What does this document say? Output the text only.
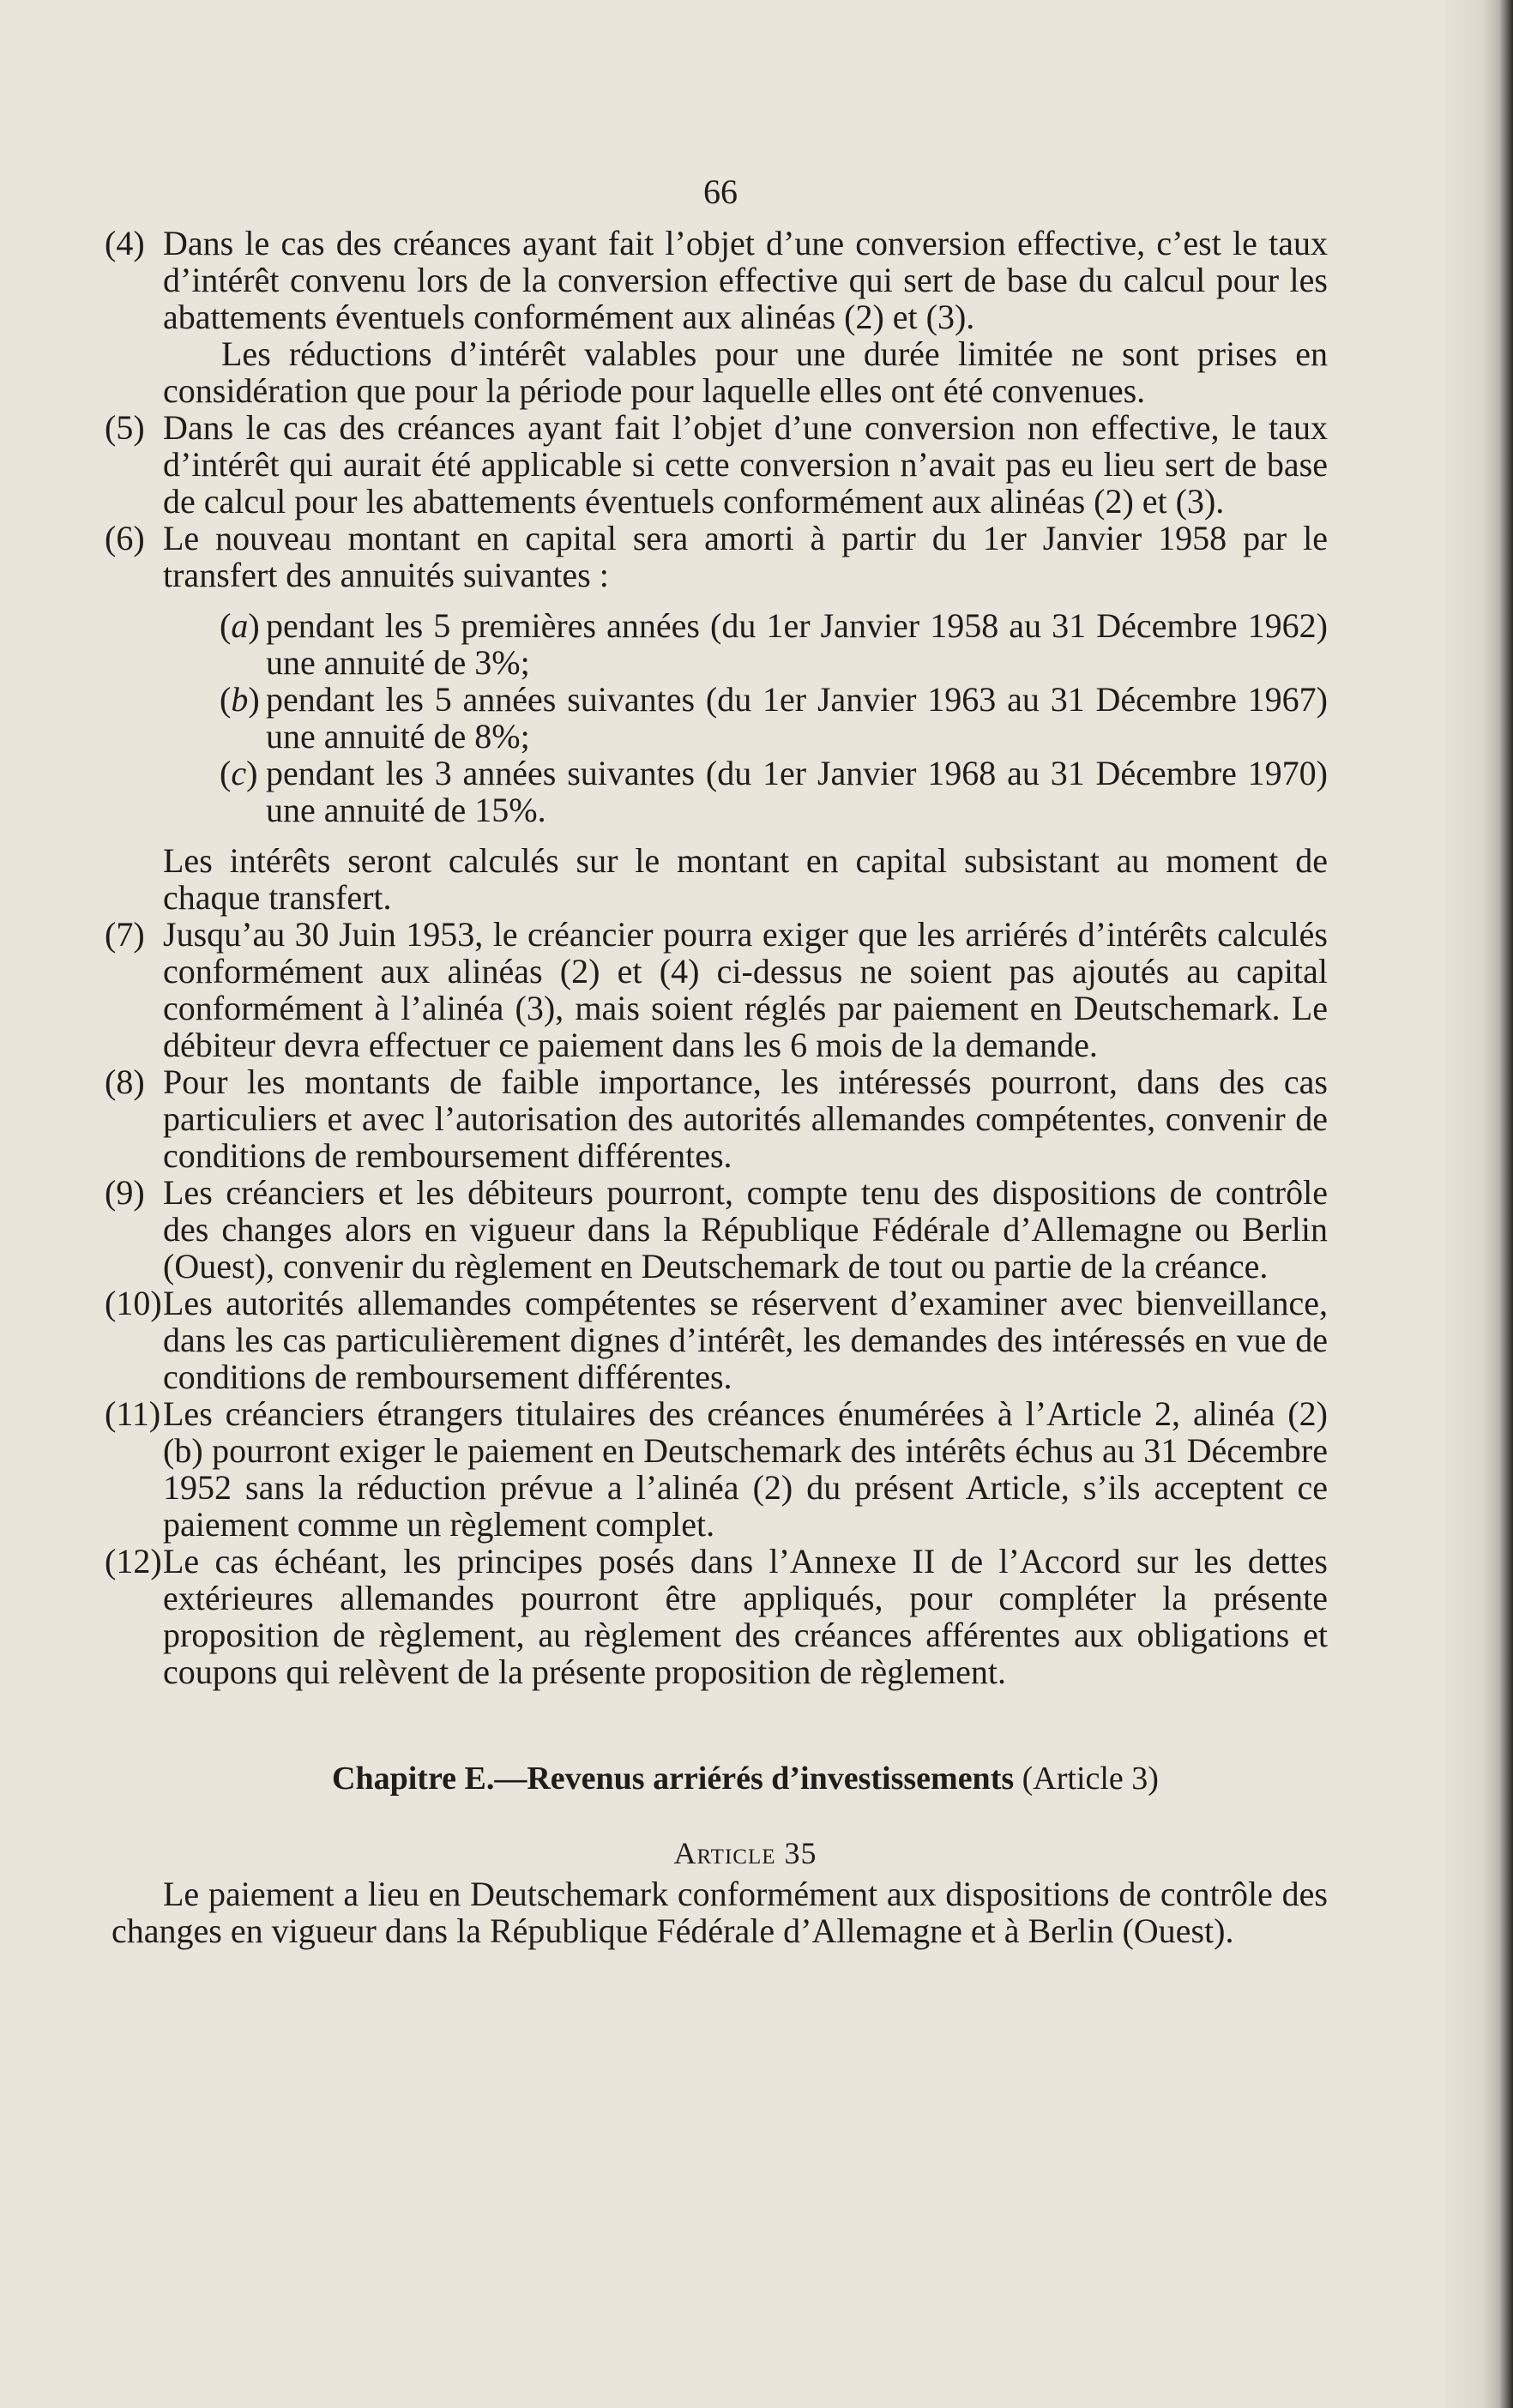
66
(4) Dans le cas des créances ayant fait l’objet d’une conversion effective, c’est le taux d’intérêt convenu lors de la conversion effective qui sert de base du calcul pour les abattements éventuels conformément aux alinéas (2) et (3).
Les réductions d’intérêt valables pour une durée limitée ne sont prises en considération que pour la période pour laquelle elles ont été convenues.
(5) Dans le cas des créances ayant fait l’objet d’une conversion non effective, le taux d’intérêt qui aurait été applicable si cette conversion n’avait pas eu lieu sert de base de calcul pour les abattements éventuels conformément aux alinéas (2) et (3).
(6) Le nouveau montant en capital sera amorti à partir du 1er Janvier 1958 par le transfert des annuités suivantes :
(a) pendant les 5 premières années (du 1er Janvier 1958 au 31 Décembre 1962) une annuité de 3%;
(b) pendant les 5 années suivantes (du 1er Janvier 1963 au 31 Décembre 1967) une annuité de 8%;
(c) pendant les 3 années suivantes (du 1er Janvier 1968 au 31 Décembre 1970) une annuité de 15%.
Les intérêts seront calculés sur le montant en capital subsistant au moment de chaque transfert.
(7) Jusqu’au 30 Juin 1953, le créancier pourra exiger que les arriérés d’intérêts calculés conformément aux alinéas (2) et (4) ci-dessus ne soient pas ajoutés au capital conformément à l’alinéa (3), mais soient réglés par paiement en Deutschemark. Le débiteur devra effectuer ce paiement dans les 6 mois de la demande.
(8) Pour les montants de faible importance, les intéressés pourront, dans des cas particuliers et avec l’autorisation des autorités allemandes compétentes, convenir de conditions de remboursement différentes.
(9) Les créanciers et les débiteurs pourront, compte tenu des dispositions de contrôle des changes alors en vigueur dans la République Fédérale d’Allemagne ou Berlin (Ouest), convenir du règlement en Deutschemark de tout ou partie de la créance.
(10) Les autorités allemandes compétentes se réservent d’examiner avec bienveillance, dans les cas particulièrement dignes d’intérêt, les demandes des intéressés en vue de conditions de remboursement différentes.
(11) Les créanciers étrangers titulaires des créances énumérées à l’Article 2, alinéa (2) (b) pourront exiger le paiement en Deutschemark des intérêts échus au 31 Décembre 1952 sans la réduction prévue a l’alinéa (2) du présent Article, s’ils acceptent ce paiement comme un règlement complet.
(12) Le cas échéant, les principes posés dans l’Annexe II de l’Accord sur les dettes extérieures allemandes pourront être appliqués, pour compléter la présente proposition de règlement, au règlement des créances afférentes aux obligations et coupons qui relèvent de la présente proposition de règlement.
Chapitre E.—Revenus arriérés d’investissements (Article 3)
Article 35
Le paiement a lieu en Deutschemark conformément aux dispositions de contrôle des changes en vigueur dans la République Fédérale d’Allemagne et à Berlin (Ouest).
